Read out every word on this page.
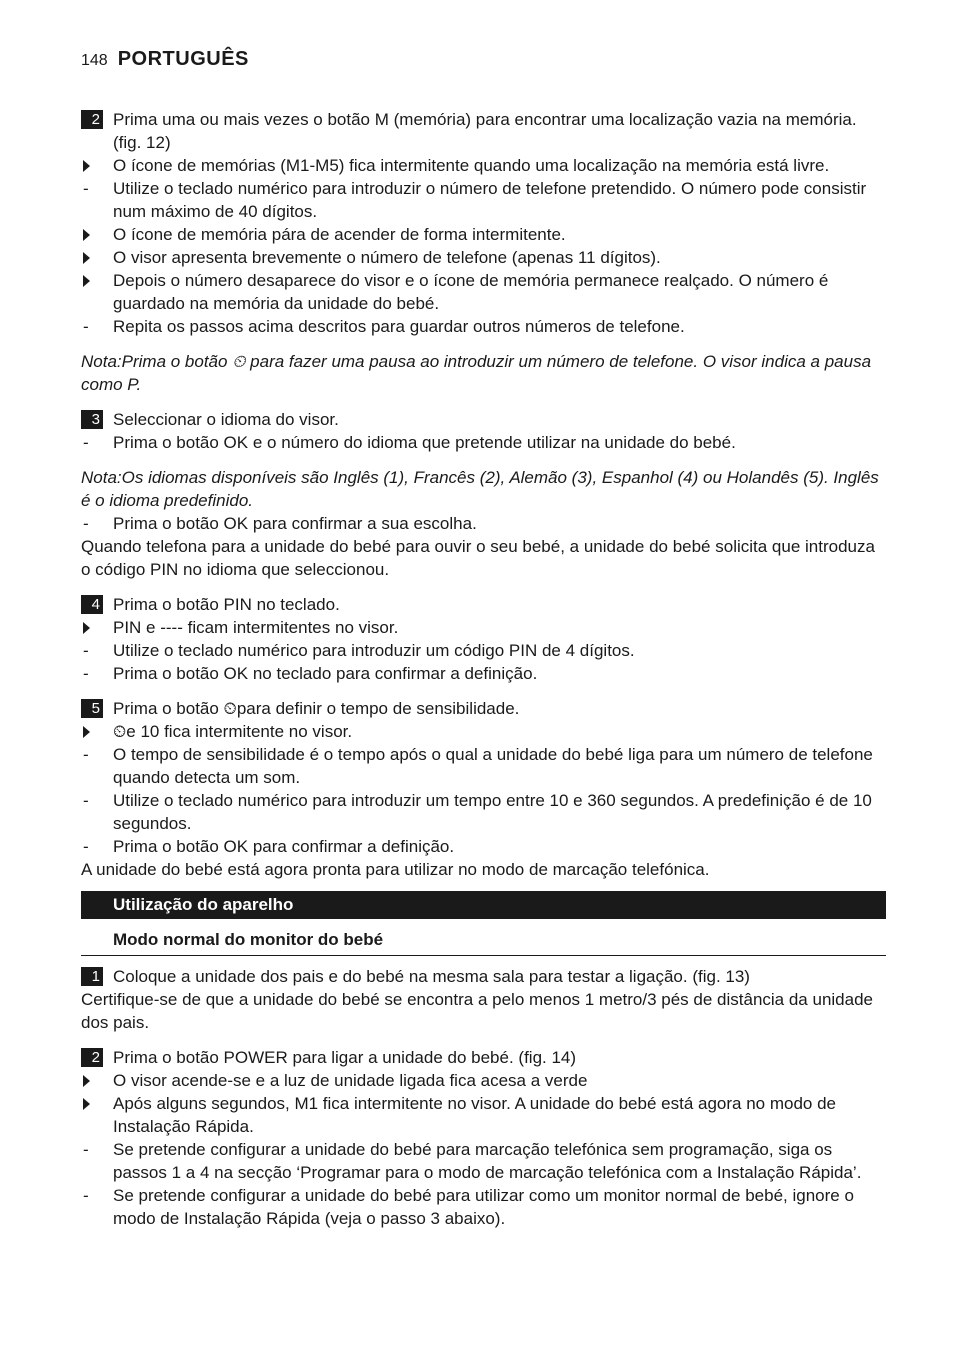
148 PORTUGUÊS
2 Prima uma ou mais vezes o botão M (memória) para encontrar uma localização vazia na memória. (fig. 12)
O ícone de memórias (M1-M5) fica intermitente quando uma localização na memória está livre.
- Utilize o teclado numérico para introduzir o número de telefone pretendido. O número pode consistir num máximo de 40 dígitos.
O ícone de memória pára de acender de forma intermitente.
O visor apresenta brevemente o número de telefone (apenas 11 dígitos).
Depois o número desaparece do visor e o ícone de memória permanece realçado. O número é guardado na memória da unidade do bebé.
- Repita os passos acima descritos para guardar outros números de telefone.
Nota:Prima o botão ⏲ para fazer uma pausa ao introduzir um número de telefone. O visor indica a pausa como P.
3 Seleccionar o idioma do visor.
- Prima o botão OK e o número do idioma que pretende utilizar na unidade do bebé.
Nota:Os idiomas disponíveis são Inglês (1), Francês (2), Alemão (3), Espanhol (4) ou Holandês (5). Inglês é o idioma predefinido.
- Prima o botão OK para confirmar a sua escolha.
Quando telefona para a unidade do bebé para ouvir o seu bebé, a unidade do bebé solicita que introduza o código PIN no idioma que seleccionou.
4 Prima o botão PIN no teclado.
PIN e ---- ficam intermitentes no visor.
- Utilize o teclado numérico para introduzir um código PIN de 4 dígitos.
- Prima o botão OK no teclado para confirmar a definição.
5 Prima o botão ⏲para definir o tempo de sensibilidade.
⏲e 10 fica intermitente no visor.
- O tempo de sensibilidade é o tempo após o qual a unidade do bebé liga para um número de telefone quando detecta um som.
- Utilize o teclado numérico para introduzir um tempo entre 10 e 360 segundos. A predefinição é de 10 segundos.
- Prima o botão OK para confirmar a definição.
A unidade do bebé está agora pronta para utilizar no modo de marcação telefónica.
Utilização do aparelho
Modo normal do monitor do bebé
1 Coloque a unidade dos pais e do bebé na mesma sala para testar a ligação. (fig. 13)
Certifique-se de que a unidade do bebé se encontra a pelo menos 1 metro/3 pés de distância da unidade dos pais.
2 Prima o botão POWER para ligar a unidade do bebé. (fig. 14)
O visor acende-se e a luz de unidade ligada fica acesa a verde
Após alguns segundos, M1 fica intermitente no visor. A unidade do bebé está agora no modo de Instalação Rápida.
- Se pretende configurar a unidade do bebé para marcação telefónica sem programação, siga os passos 1 a 4 na secção ‘Programar para o modo de marcação telefónica com a Instalação Rápida’.
- Se pretende configurar a unidade do bebé para utilizar como um monitor normal de bebé, ignore o modo de Instalação Rápida (veja o passo 3 abaixo).
